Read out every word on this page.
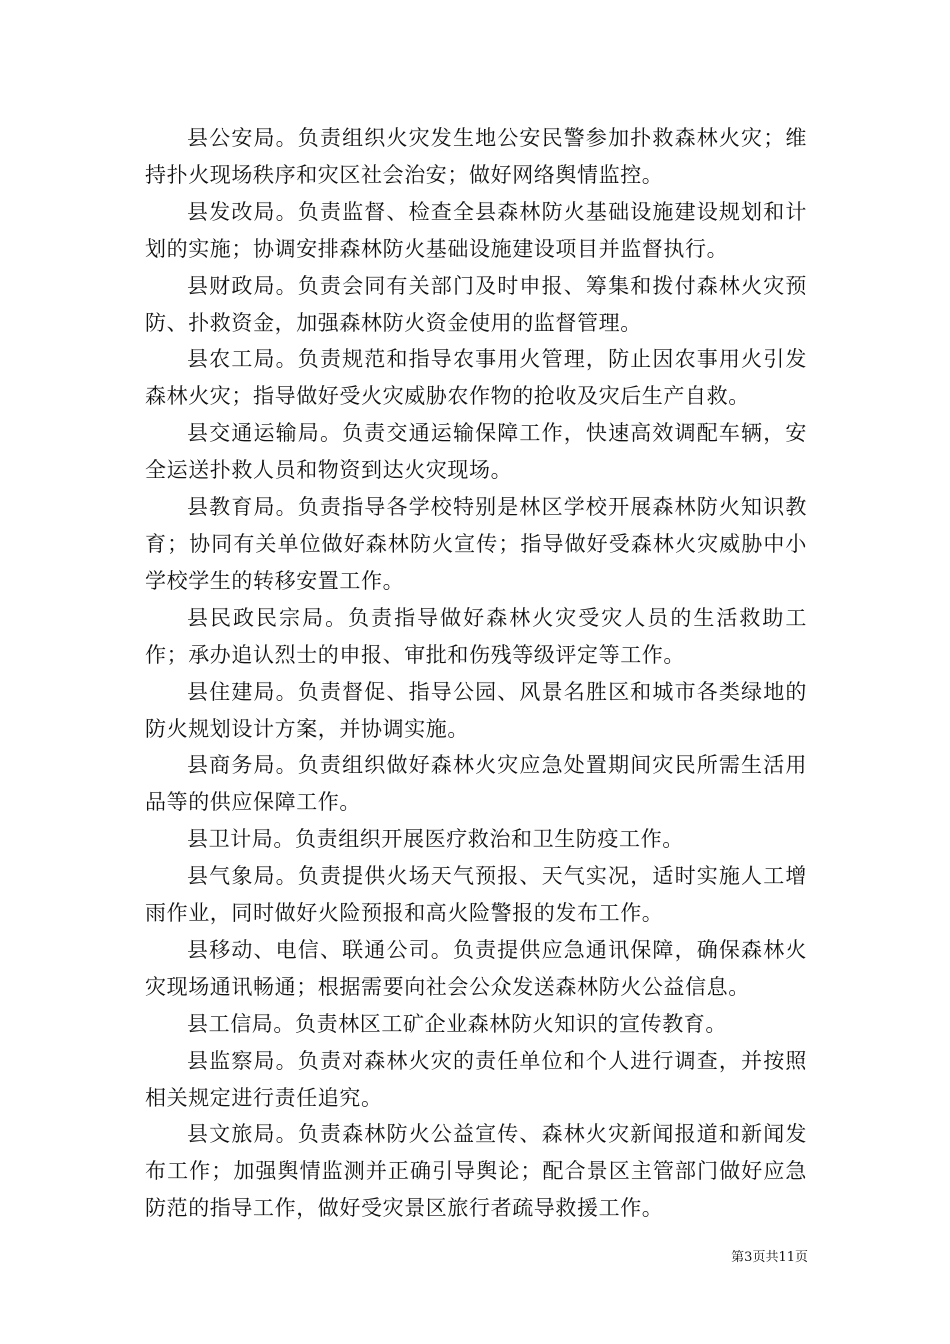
县公安局。负责组织火灾发生地公安民警参加扑救森林火灾；维持扑火现场秩序和灾区社会治安；做好网络舆情监控。

县发改局。负责监督、检查全县森林防火基础设施建设规划和计划的实施；协调安排森林防火基础设施建设项目并监督执行。

县财政局。负责会同有关部门及时申报、筹集和拨付森林火灾预防、扑救资金，加强森林防火资金使用的监督管理。

县农工局。负责规范和指导农事用火管理，防止因农事用火引发森林火灾；指导做好受火灾威胁农作物的抢收及灾后生产自救。

县交通运输局。负责交通运输保障工作，快速高效调配车辆，安全运送扑救人员和物资到达火灾现场。

县教育局。负责指导各学校特别是林区学校开展森林防火知识教育；协同有关单位做好森林防火宣传；指导做好受森林火灾威胁中小学校学生的转移安置工作。

县民政民宗局。负责指导做好森林火灾受灾人员的生活救助工作；承办追认烈士的申报、审批和伤残等级评定等工作。

县住建局。负责督促、指导公园、风景名胜区和城市各类绿地的防火规划设计方案，并协调实施。

县商务局。负责组织做好森林火灾应急处置期间灾民所需生活用品等的供应保障工作。

县卫计局。负责组织开展医疗救治和卫生防疫工作。

县气象局。负责提供火场天气预报、天气实况，适时实施人工增雨作业，同时做好火险预报和高火险警报的发布工作。

县移动、电信、联通公司。负责提供应急通讯保障，确保森林火灾现场通讯畅通；根据需要向社会公众发送森林防火公益信息。

县工信局。负责林区工矿企业森林防火知识的宣传教育。

县监察局。负责对森林火灾的责任单位和个人进行调查，并按照相关规定进行责任追究。

县文旅局。负责森林防火公益宣传、森林火灾新闻报道和新闻发布工作；加强舆情监测并正确引导舆论；配合景区主管部门做好应急防范的指导工作，做好受灾景区旅行者疏导救援工作。

第3页共11页
